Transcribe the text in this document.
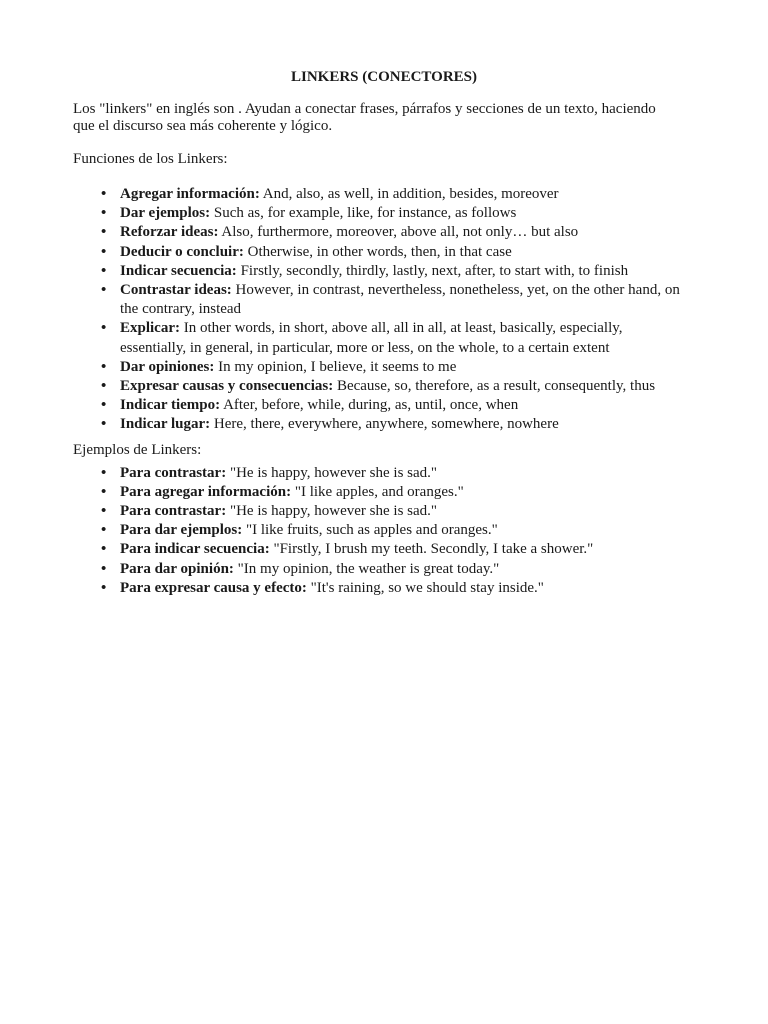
LINKERS (CONECTORES)

Los "linkers" en inglés son . Ayudan a conectar frases, párrafos y secciones de un texto, haciendo que el discurso sea más coherente y lógico.

Funciones de los Linkers:

• Agregar información: And, also, as well, in addition, besides, moreover
• Dar ejemplos: Such as, for example, like, for instance, as follows
• Reforzar ideas: Also, furthermore, moreover, above all, not only… but also
• Deducir o concluir: Otherwise, in other words, then, in that case
• Indicar secuencia: Firstly, secondly, thirdly, lastly, next, after, to start with, to finish
• Contrastar ideas: However, in contrast, nevertheless, nonetheless, yet, on the other hand, on the contrary, instead
• Explicar: In other words, in short, above all, all in all, at least, basically, especially, essentially, in general, in particular, more or less, on the whole, to a certain extent
• Dar opiniones: In my opinion, I believe, it seems to me
• Expresar causas y consecuencias: Because, so, therefore, as a result, consequently, thus
• Indicar tiempo: After, before, while, during, as, until, once, when
• Indicar lugar: Here, there, everywhere, anywhere, somewhere, nowhere

Ejemplos de Linkers:

• Para contrastar: "He is happy, however she is sad."
• Para agregar información: "I like apples, and oranges."
• Para contrastar: "He is happy, however she is sad."
• Para dar ejemplos: "I like fruits, such as apples and oranges."
• Para indicar secuencia: "Firstly, I brush my teeth. Secondly, I take a shower."
• Para dar opinión: "In my opinion, the weather is great today."
• Para expresar causa y efecto: "It's raining, so we should stay inside."
